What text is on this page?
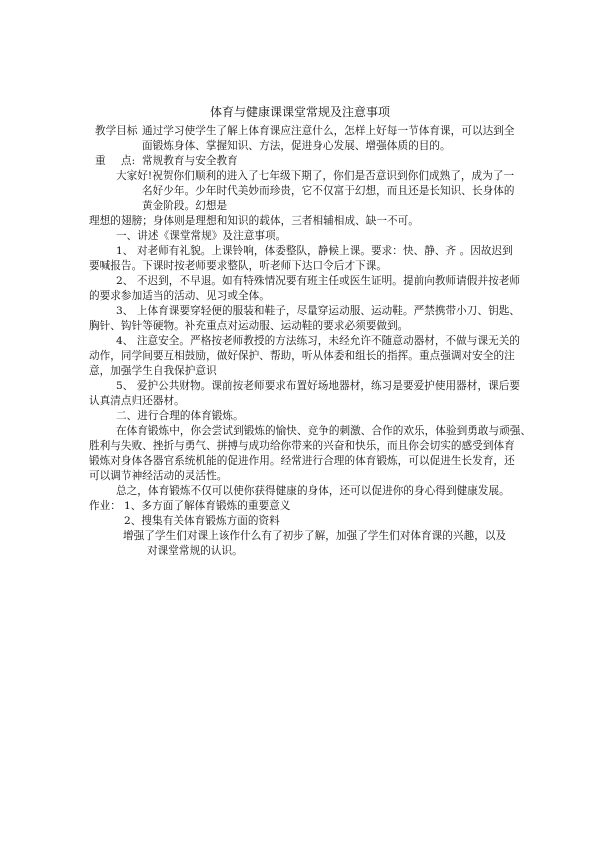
体育与健康课课堂常规及注意事项
教学目标 通过学习使学生了解上体育课应注意什么，怎样上好每一节体育课，可以达到全
面锻炼身体、掌握知识、方法，促进身心发展、增强体质的目的。
重 点: 常规教育与安全教育
大家好!祝贺你们顺利的进入了七年级下期了，你们是否意识到你们成熟了，成为了一
名好少年。少年时代美妙而珍贵，它不仅富于幻想，而且还是长知识、长身体的
黄金阶段。幻想是
理想的翅膀；身体则是理想和知识的载体，三者相辅相成、缺一不可。
一、讲述《课堂常规》及注意事项。
1、 对老师有礼貌。上课铃响，体委整队，静候上课。要求：快、静、齐 。因故迟到
要喊报告。下课时按老师要求整队，听老师下达口令后才下课。
2、 不迟到，不早退。如有特殊情况要有班主任或医生证明。提前向教师请假并按老师
的要求参加适当的活动、见习或全体。
3、 上体育课要穿轻便的服装和鞋子，尽量穿运动服、运动鞋。严禁携带小刀、钥匙、
胸针、钩针等硬物。补充重点对运动服、运动鞋的要求必须要做到。
4、 注意安全。严格按老师教授的方法练习，未经允许不随意动器材，不做与课无关的
动作，同学间要互相鼓励，做好保护、帮助，听从体委和组长的指挥。重点强调对安全的注
意，加强学生自我保护意识
5、 爱护公共财物。课前按老师要求布置好场地器材，练习是要爱护使用器材，课后要
认真清点归还器材。
二、进行合理的体育锻炼。
在体育锻炼中，你会尝试到锻炼的愉快、竞争的刺激、合作的欢乐，体验到勇敢与顽强、
胜利与失败、挫折与勇气、拼搏与成功给你带来的兴奋和快乐，而且你会切实的感受到体育
锻炼对身体各器官系统机能的促进作用。经常进行合理的体育锻炼，可以促进生长发育，还
可以调节神经活动的灵活性。
总之，体育锻炼不仅可以使你获得健康的身体，还可以促进你的身心得到健康发展。
作业： 1、多方面了解体育锻炼的重要意义
2、搜集有关体育锻炼方面的资料
增强了学生们对课上该作什么有了初步了解，加强了学生们对体育课的兴趣，以及
对课堂常规的认识。
